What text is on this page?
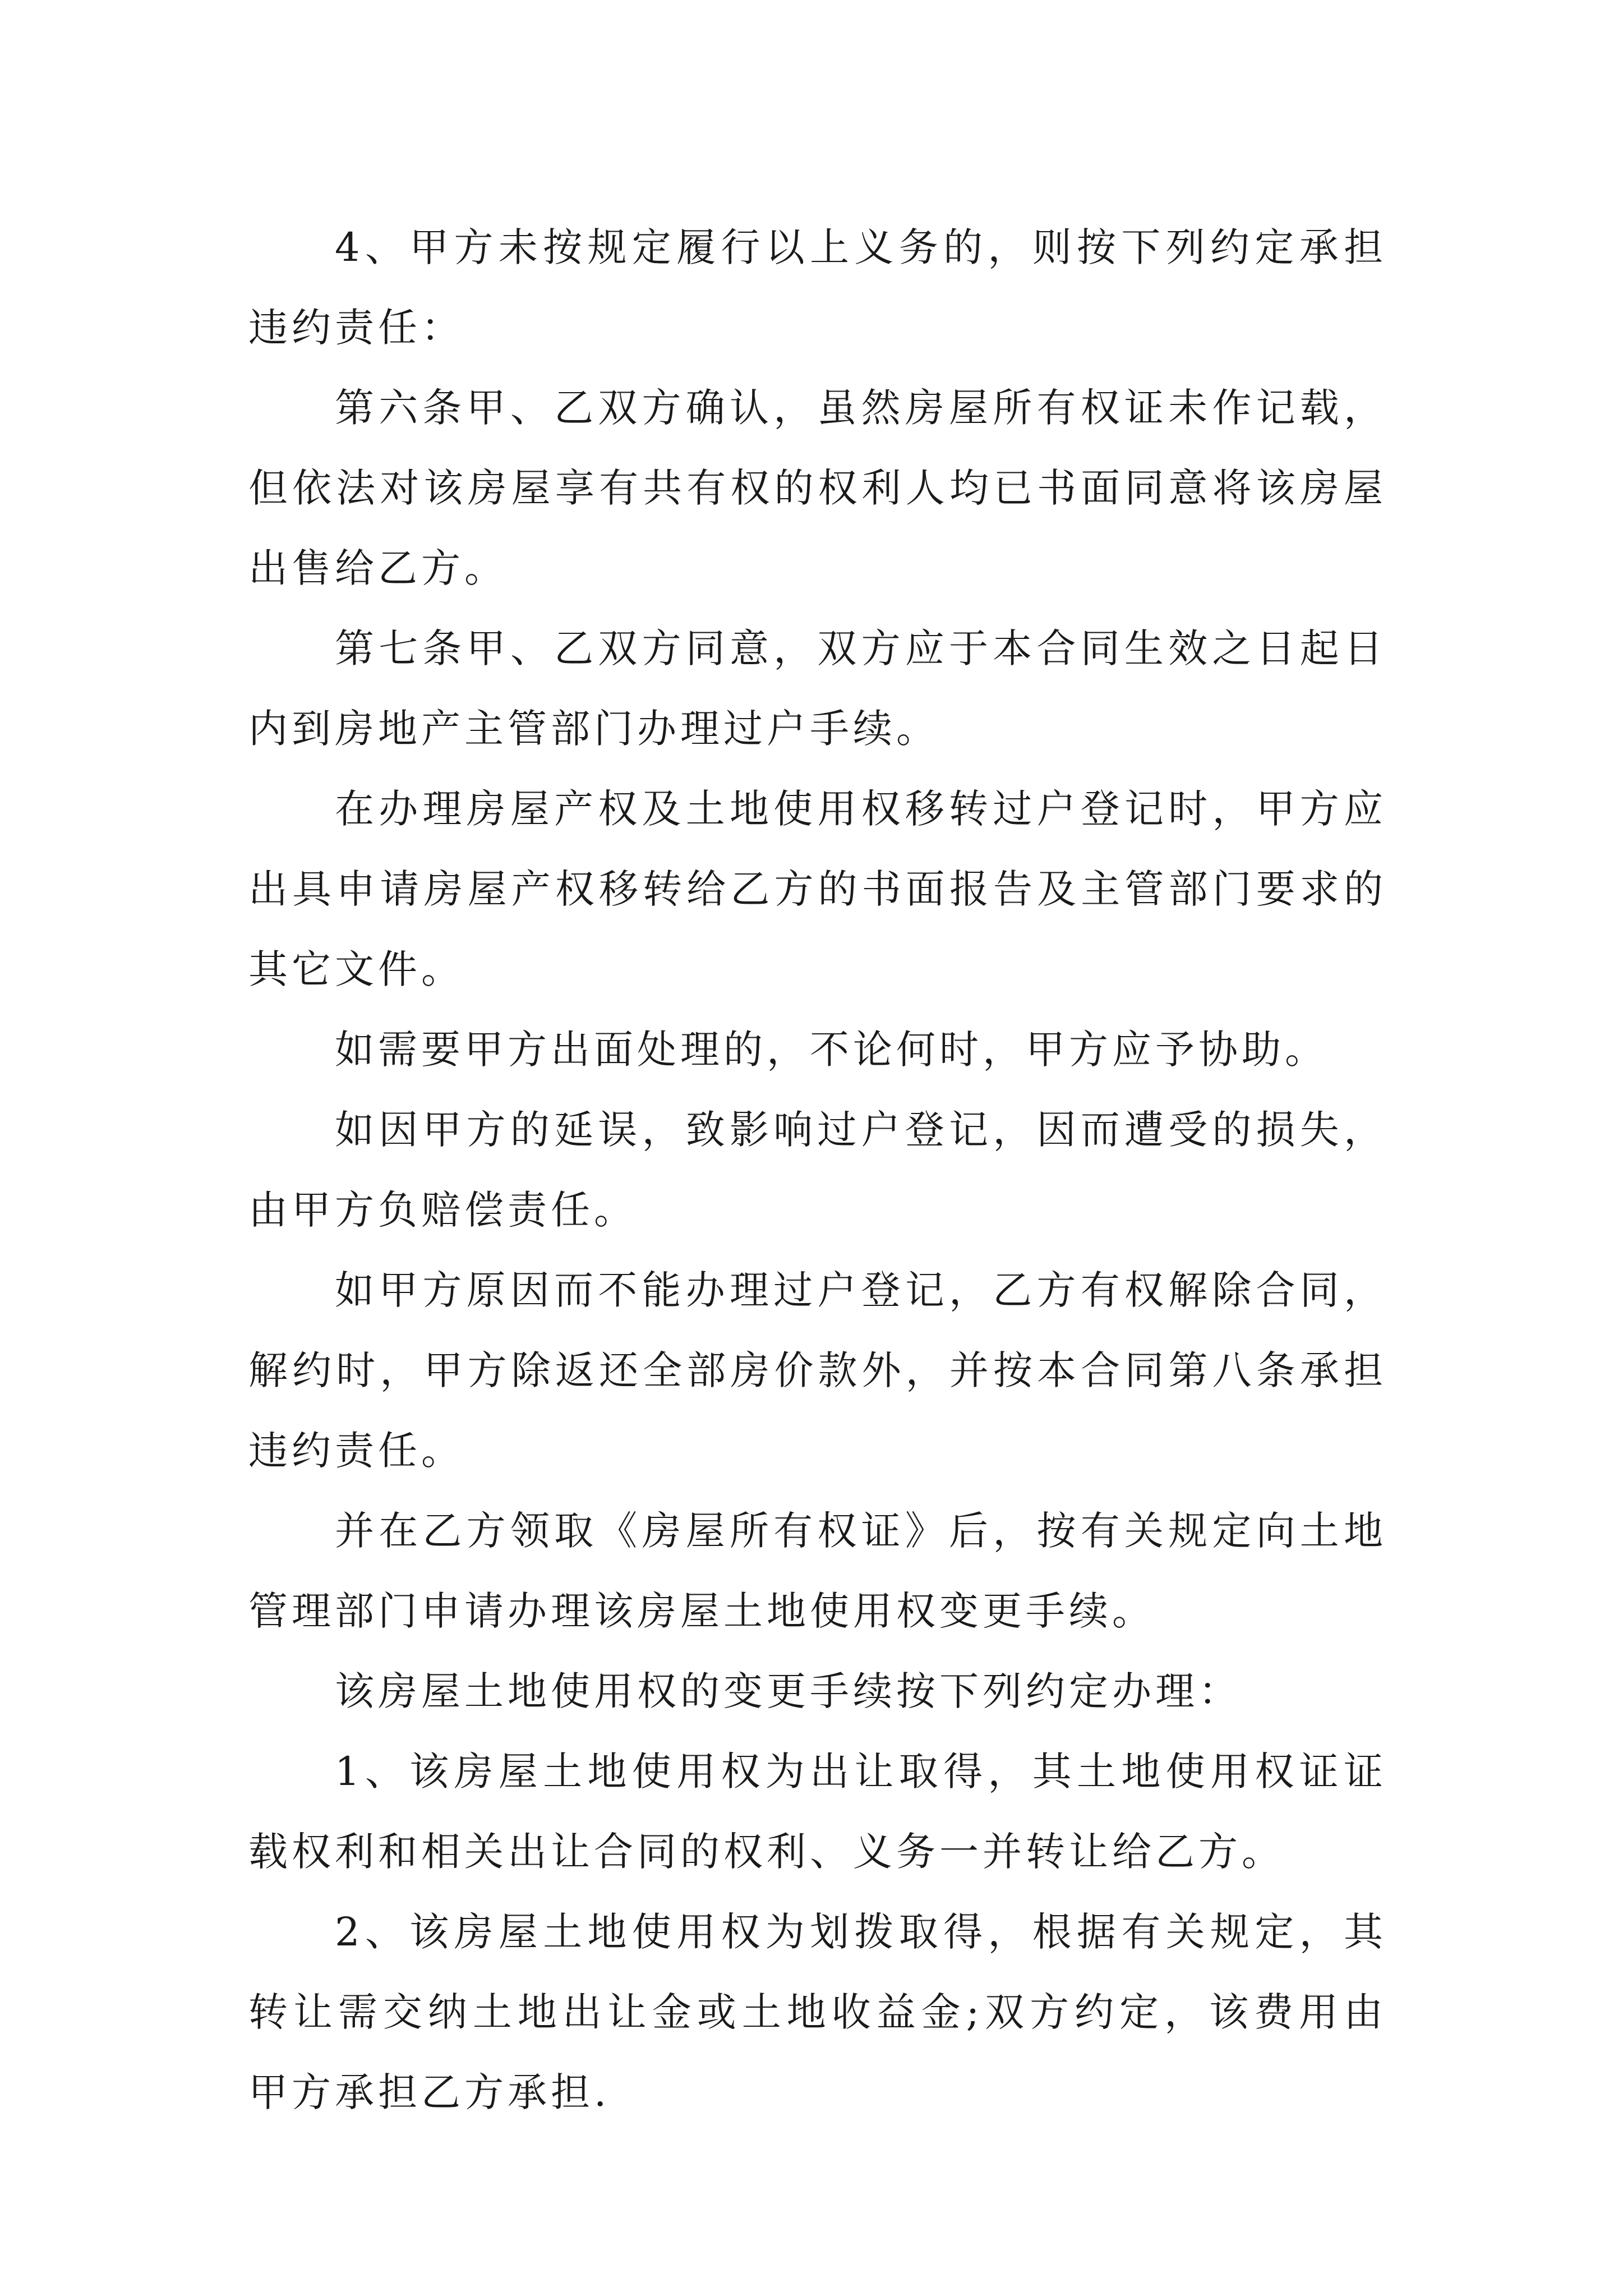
4、甲方未按规定履行以上义务的，则按下列约定承担违约责任：

第六条甲、乙双方确认，虽然房屋所有权证未作记载，但依法对该房屋享有共有权的权利人均已书面同意将该房屋出售给乙方。

第七条甲、乙双方同意，双方应于本合同生效之日起日内到房地产主管部门办理过户手续。

在办理房屋产权及土地使用权移转过户登记时，甲方应出具申请房屋产权移转给乙方的书面报告及主管部门要求的其它文件。

如需要甲方出面处理的，不论何时，甲方应予协助。

如因甲方的延误，致影响过户登记，因而遭受的损失，由甲方负赔偿责任。

如甲方原因而不能办理过户登记，乙方有权解除合同，解约时，甲方除返还全部房价款外，并按本合同第八条承担违约责任。

并在乙方领取《房屋所有权证》后，按有关规定向土地管理部门申请办理该房屋土地使用权变更手续。

该房屋土地使用权的变更手续按下列约定办理：

1、该房屋土地使用权为出让取得，其土地使用权证证载权利和相关出让合同的权利、义务一并转让给乙方。

2、该房屋土地使用权为划拨取得，根据有关规定，其转让需交纳土地出让金或土地收益金;双方约定，该费用由甲方承担乙方承担.
